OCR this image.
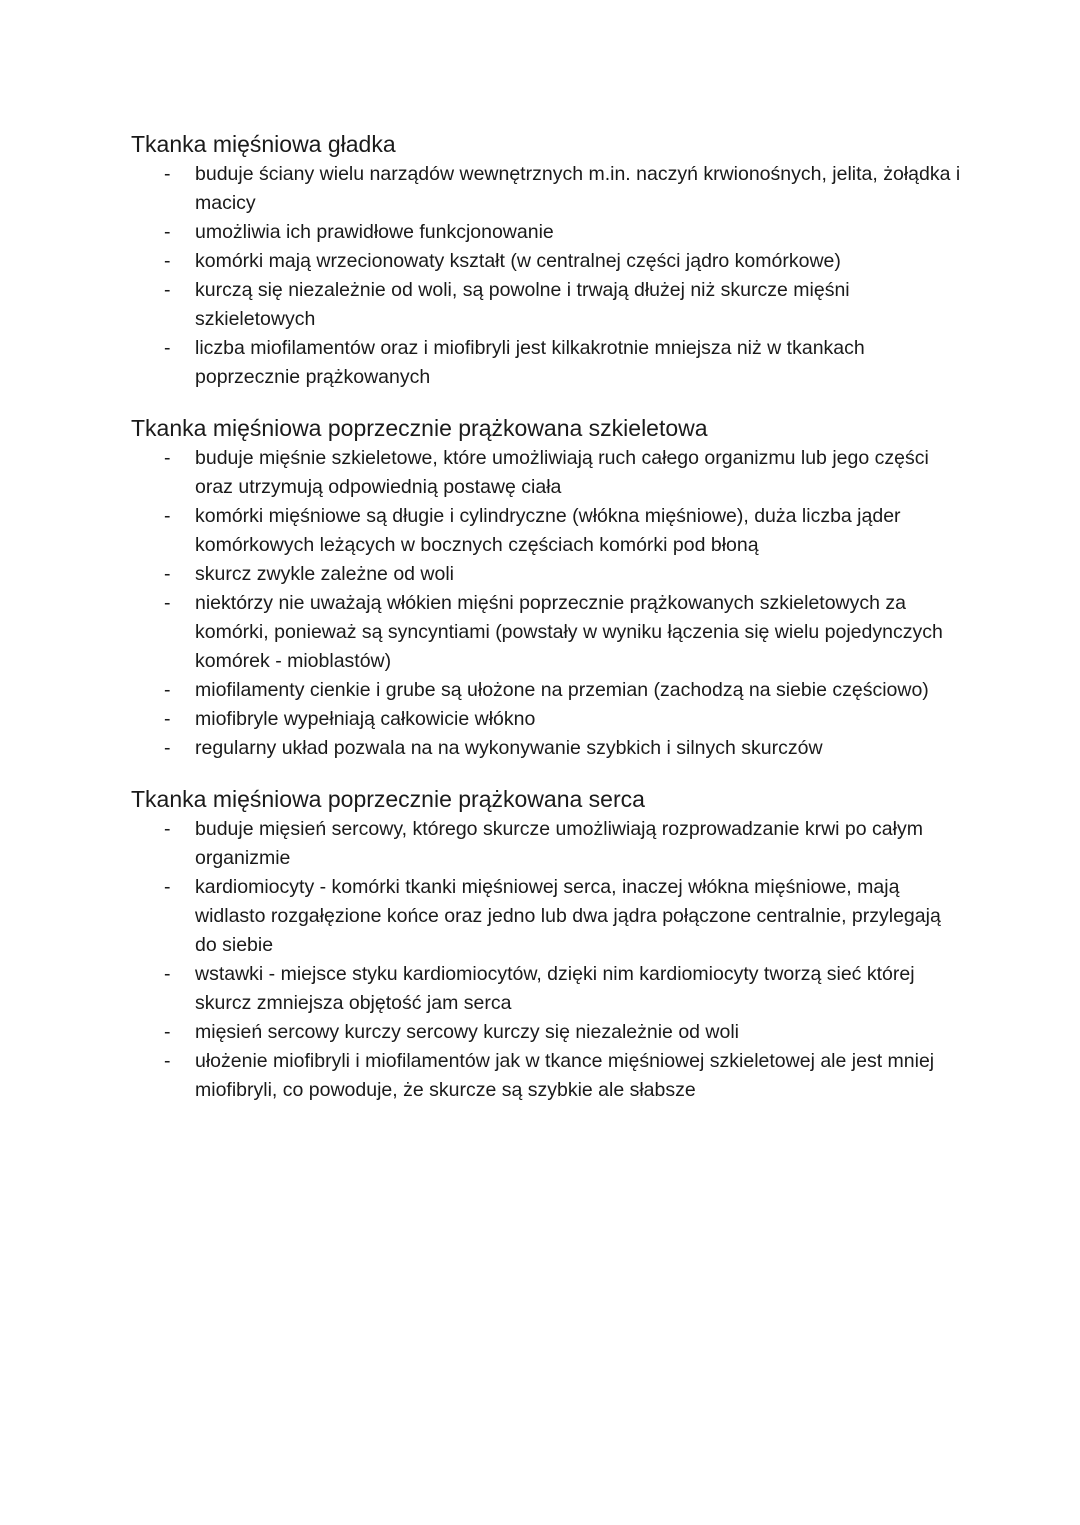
Tkanka mięśniowa gładka
- buduje ściany wielu narządów wewnętrznych m.in. naczyń krwionośnych, jelita, żołądka i macicy
- umożliwia ich prawidłowe funkcjonowanie
- komórki mają wrzecionowaty kształt (w centralnej części jądro komórkowe)
- kurczą się niezależnie od woli, są powolne i trwają dłużej niż skurcze mięśni szkieletowych
- liczba miofilamentów oraz i miofibryli jest kilkakrotnie mniejsza niż w tkankach poprzecznie prążkowanych
Tkanka mięśniowa poprzecznie prążkowana szkieletowa
- buduje mięśnie szkieletowe, które umożliwiają ruch całego organizmu lub jego części oraz utrzymują odpowiednią postawę ciała
- komórki mięśniowe są długie i cylindryczne (włókna mięśniowe), duża liczba jąder komórkowych leżących w bocznych częściach komórki pod błoną
- skurcz zwykle zależne od woli
- niektórzy nie uważają włókien mięśni poprzecznie prążkowanych szkieletowych za komórki, ponieważ są syncyntiami (powstały w wyniku łączenia się wielu pojedynczych komórek - mioblastów)
- miofilamenty cienkie i grube są ułożone na przemian (zachodzą na siebie częściowo)
- miofibryle wypełniają całkowicie włókno
- regularny układ pozwala na na wykonywanie szybkich i silnych skurczów
Tkanka mięśniowa poprzecznie prążkowana serca
- buduje mięsień sercowy, którego skurcze umożliwiają rozprowadzanie krwi po całym organizmie
- kardiomiocyty - komórki tkanki mięśniowej serca, inaczej włókna mięśniowe, mają widlasto rozgałęzione końce oraz jedno lub dwa jądra połączone centralnie, przylegają do siebie
- wstawki - miejsce styku kardiomiocytów, dzięki nim kardiomiocyty tworzą sieć której skurcz zmniejsza objętość jam serca
- mięsień sercowy kurczy sercowy kurczy się niezależnie od woli
- ułożenie miofibryli i miofilamentów jak w tkance mięśniowej szkieletowej ale jest mniej miofibryli, co powoduje, że skurcze są szybkie ale słabsze
